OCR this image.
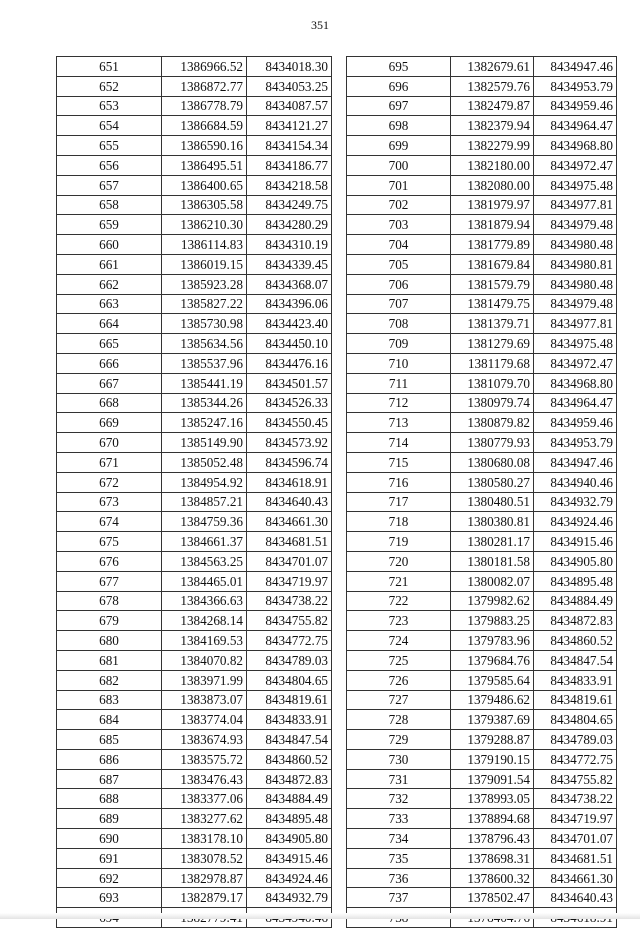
351
651	1386966.52	8434018.30
652	1386872.77	8434053.25
653	1386778.79	8434087.57
654	1386684.59	8434121.27
655	1386590.16	8434154.34
656	1386495.51	8434186.77
657	1386400.65	8434218.58
658	1386305.58	8434249.75
659	1386210.30	8434280.29
660	1386114.83	8434310.19
661	1386019.15	8434339.45
662	1385923.28	8434368.07
663	1385827.22	8434396.06
664	1385730.98	8434423.40
665	1385634.56	8434450.10
666	1385537.96	8434476.16
667	1385441.19	8434501.57
668	1385344.26	8434526.33
669	1385247.16	8434550.45
670	1385149.90	8434573.92
671	1385052.48	8434596.74
672	1384954.92	8434618.91
673	1384857.21	8434640.43
674	1384759.36	8434661.30
675	1384661.37	8434681.51
676	1384563.25	8434701.07
677	1384465.01	8434719.97
678	1384366.63	8434738.22
679	1384268.14	8434755.82
680	1384169.53	8434772.75
681	1384070.82	8434789.03
682	1383971.99	8434804.65
683	1383873.07	8434819.61
684	1383774.04	8434833.91
685	1383674.93	8434847.54
686	1383575.72	8434860.52
687	1383476.43	8434872.83
688	1383377.06	8434884.49
689	1383277.62	8434895.48
690	1383178.10	8434905.80
691	1383078.52	8434915.46
692	1382978.87	8434924.46
693	1382879.17	8434932.79

695	1382679.61	8434947.46
696	1382579.76	8434953.79
697	1382479.87	8434959.46
698	1382379.94	8434964.47
699	1382279.99	8434968.80
700	1382180.00	8434972.47
701	1382080.00	8434975.48
702	1381979.97	8434977.81
703	1381879.94	8434979.48
704	1381779.89	8434980.48
705	1381679.84	8434980.81
706	1381579.79	8434980.48
707	1381479.75	8434979.48
708	1381379.71	8434977.81
709	1381279.69	8434975.48
710	1381179.68	8434972.47
711	1381079.70	8434968.80
712	1380979.74	8434964.47
713	1380879.82	8434959.46
714	1380779.93	8434953.79
715	1380680.08	8434947.46
716	1380580.27	8434940.46
717	1380480.51	8434932.79
718	1380380.81	8434924.46
719	1380281.17	8434915.46
720	1380181.58	8434905.80
721	1380082.07	8434895.48
722	1379982.62	8434884.49
723	1379883.25	8434872.83
724	1379783.96	8434860.52
725	1379684.76	8434847.54
726	1379585.64	8434833.91
727	1379486.62	8434819.61
728	1379387.69	8434804.65
729	1379288.87	8434789.03
730	1379190.15	8434772.75
731	1379091.54	8434755.82
732	1378993.05	8434738.22
733	1378894.68	8434719.97
734	1378796.43	8434701.07
735	1378698.31	8434681.51
736	1378600.32	8434661.30
737	1378502.47	8434640.43
